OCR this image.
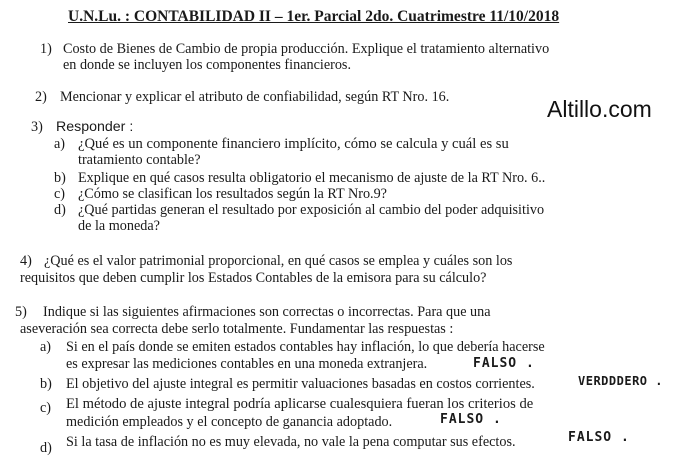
U.N.Lu. : CONTABILIDAD II – 1er. Parcial 2do. Cuatrimestre 11/10/2018
Altillo.com
1) Costo de Bienes de Cambio de propia producción. Explique el tratamiento alternativo
en donde se incluyen los componentes financieros.
2) Mencionar y explicar el atributo de confiabilidad, según RT Nro. 16.
3) Responder :
a) ¿Qué es un componente financiero implícito, cómo se calcula y cuál es su
tratamiento contable?
b) Explique en qué casos resulta obligatorio el mecanismo de ajuste de la RT Nro. 6..
c) ¿Cómo se clasifican los resultados según la RT Nro.9?
d) ¿Qué partidas generan el resultado por exposición al cambio del poder adquisitivo
de la moneda?
4) ¿Qué es el valor patrimonial proporcional, en qué casos se emplea y cuáles son los
requisitos que deben cumplir los Estados Contables de la emisora para su cálculo?
5) Indique si las siguientes afirmaciones son correctas o incorrectas. Para que una
aseveración sea correcta debe serlo totalmente. Fundamentar las respuestas :
a) Si en el país donde se emiten estados contables hay inflación, lo que debería hacerse
es expresar las mediciones contables en una moneda extranjera.	FALSO .
b) El objetivo del ajuste integral es permitir valuaciones basadas en costos corrientes.	VERDDDERO .
c) El método de ajuste integral podría aplicarse cualesquiera fueran los criterios de
medición empleados y el concepto de ganancia adoptado.	FALSO .
d) Si la tasa de inflación no es muy elevada, no vale la pena computar sus efectos.	FALSO .
